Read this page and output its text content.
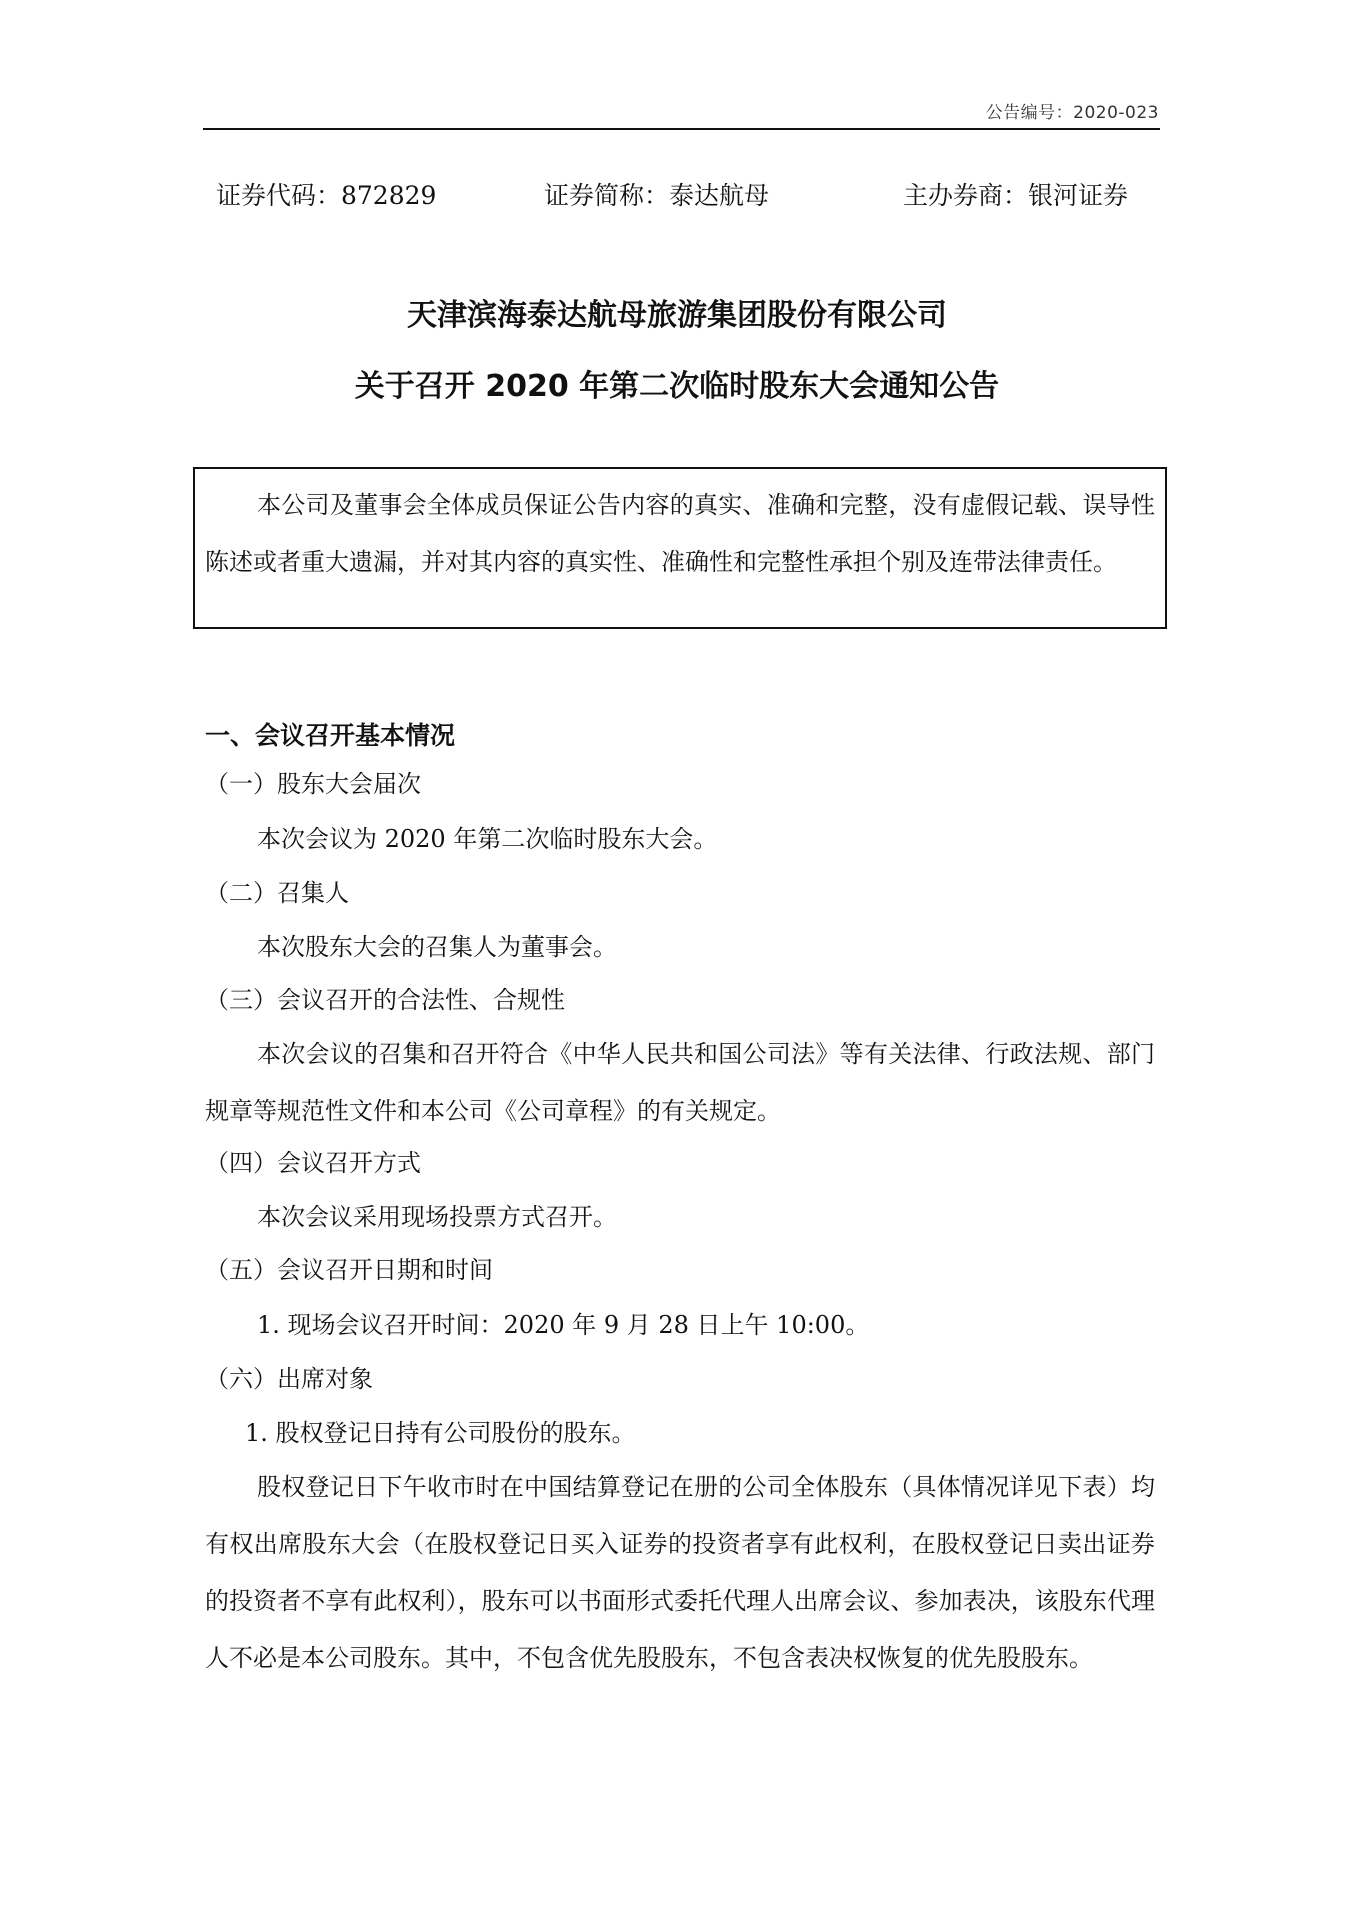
公告编号：2020-023
证券代码：872829	证券简称：泰达航母	主办券商：银河证券
天津滨海泰达航母旅游集团股份有限公司
关于召开 2020 年第二次临时股东大会通知公告
本公司及董事会全体成员保证公告内容的真实、准确和完整，没有虚假记载、误导性陈述或者重大遗漏，并对其内容的真实性、准确性和完整性承担个别及连带法律责任。
一、会议召开基本情况
（一）股东大会届次
本次会议为 2020 年第二次临时股东大会。
（二）召集人
本次股东大会的召集人为董事会。
（三）会议召开的合法性、合规性
本次会议的召集和召开符合《中华人民共和国公司法》等有关法律、行政法规、部门规章等规范性文件和本公司《公司章程》的有关规定。
（四）会议召开方式
本次会议采用现场投票方式召开。
（五）会议召开日期和时间
1. 现场会议召开时间：2020 年 9 月 28 日上午 10:00。
（六）出席对象
1. 股权登记日持有公司股份的股东。
股权登记日下午收市时在中国结算登记在册的公司全体股东（具体情况详见下表）均有权出席股东大会（在股权登记日买入证券的投资者享有此权利，在股权登记日卖出证券的投资者不享有此权利），股东可以书面形式委托代理人出席会议、参加表决，该股东代理人不必是本公司股东。其中，不包含优先股股东，不包含表决权恢复的优先股股东。
